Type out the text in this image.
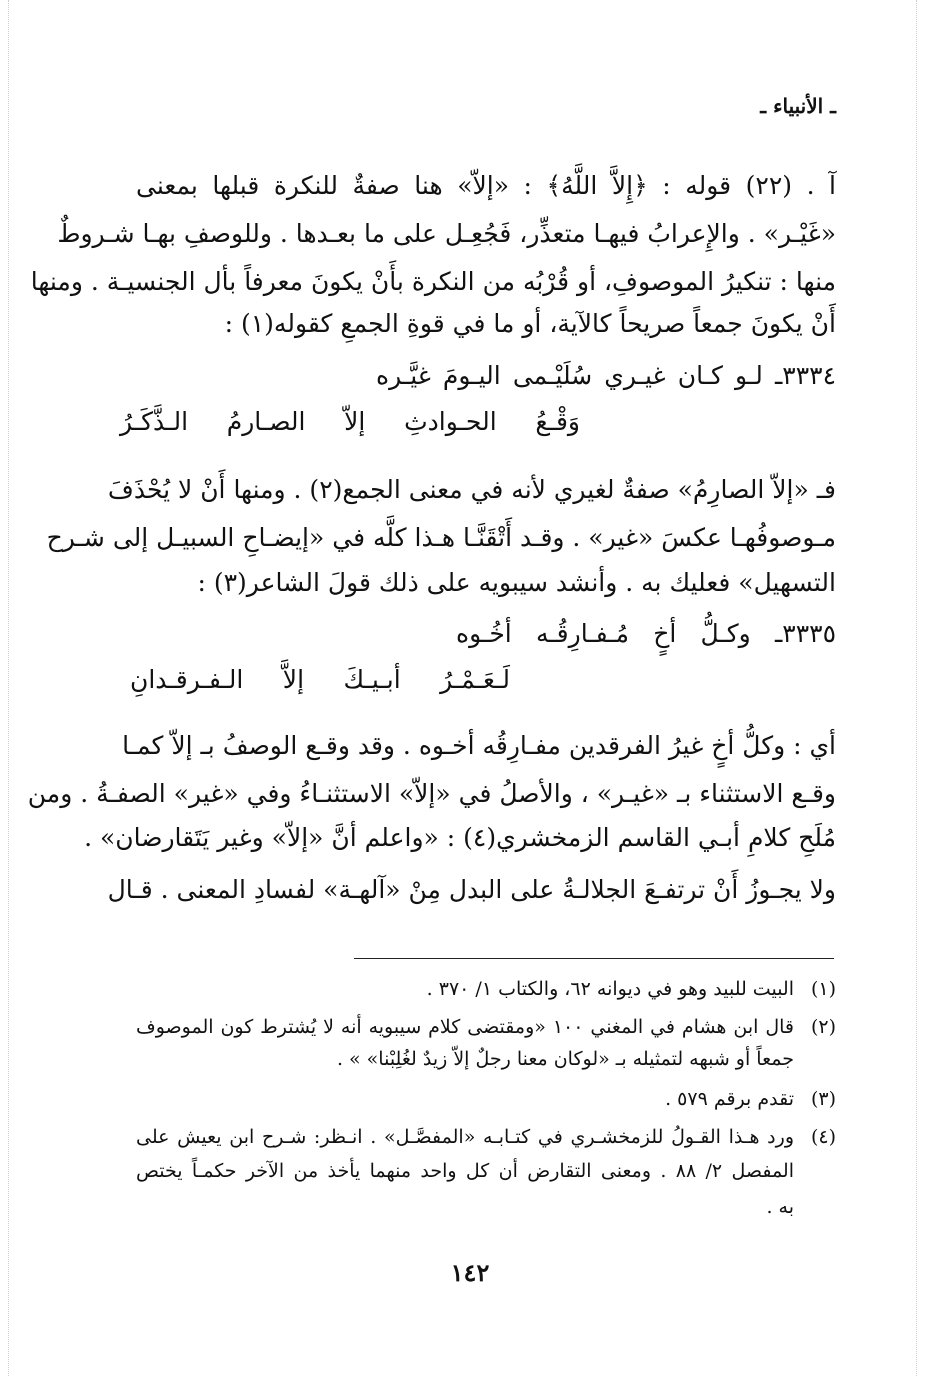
ـ الأنبياء ـ
آ . (٢٢) قوله : ﴿إِلاَّ اللَّهُ﴾ : «إلاّ» هنا صفةٌ للنكرة قبلها بمعنى
«غَيْـر» . والإِعرابُ فيهـا متعذِّر، فَجُعِـل على ما بعـدها . وللوصفِ بهـا شـروطٌ
منها : تنكيرُ الموصوفِ، أو قُرْبُه من النكرة بأَنْ يكونَ معرفاً بأل الجنسيـة . ومنها
أَنْ يكونَ جمعاً صريحاً كالآية، أو ما في قوةِ الجمعِ كقوله(١) :
٣٣٣٤ـ لـو كـان غيـري سُلَيْـمى اليـومَ غيَّـره
وَقْـعُ الحـوادثِ إلاّ الصـارمُ الـذَّكَـرُ
فـ «إلاّ الصارِمُ» صفةٌ لغيري لأنه في معنى الجمع(٢) . ومنها أَنْ لا يُحْذَفَ
مـوصوفُهـا عكسَ «غير» . وقـد أَتْقَنَّـا هـذا كلَّه في «إيضـاحِ السبيـل إلى شـرح
التسهيل» فعليك به . وأنشد سيبويه على ذلك قولَ الشاعر(٣) :
٣٣٣٥ـ وكـلُّ أخٍ مُـفـارِقُـه أخُـوه
لَـعَـمْـرُ أبـيـكَ إلاَّ الـفـرقـدانِ
أي : وكلُّ أخٍ غيرُ الفرقدين مفـارِقُه أخـوه . وقد وقـع الوصفُ بـ إلاّ كمـا
وقـع الاستثناء بـ «غيـر» ، والأصلُ في «إلاّ» الاستثنـاءُ وفي «غير» الصفـةُ . ومن
مُلَحِ كلامِ أبـي القاسم الزمخشري(٤) : «واعلم أنَّ «إلاّ» وغير يَتَقارضان» .
ولا يجـوزُ أَنْ ترتفـعَ الجلالـةُ على البدل مِنْ «آلهـة» لفسادِ المعنى . قـال
(١)
البيت للبيد وهو في ديوانه ٦٢، والكتاب ١/ ٣٧٠ .
(٢)
قال ابن هشام في المغني ١٠٠ «ومقتضى كلام سيبويه أنه لا يُشترط كون الموصوف
جمعاً أو شبهه لتمثيله بـ «لوكان معنا رجلٌ إلاّ زيدٌ لغُلِبْنا» » .
(٣)
تقدم برقم ٥٧٩ .
(٤)
ورد هـذا القـولُ للزمخشـري في كتـابـه «المفصَّـل» . انـظر: شـرح ابن يعيش على
المفصل ٢/ ٨٨ . ومعنى التقارض أن كل واحد منهما يأخذ من الآخر حكمـاً يختص
به .
١٤٢
